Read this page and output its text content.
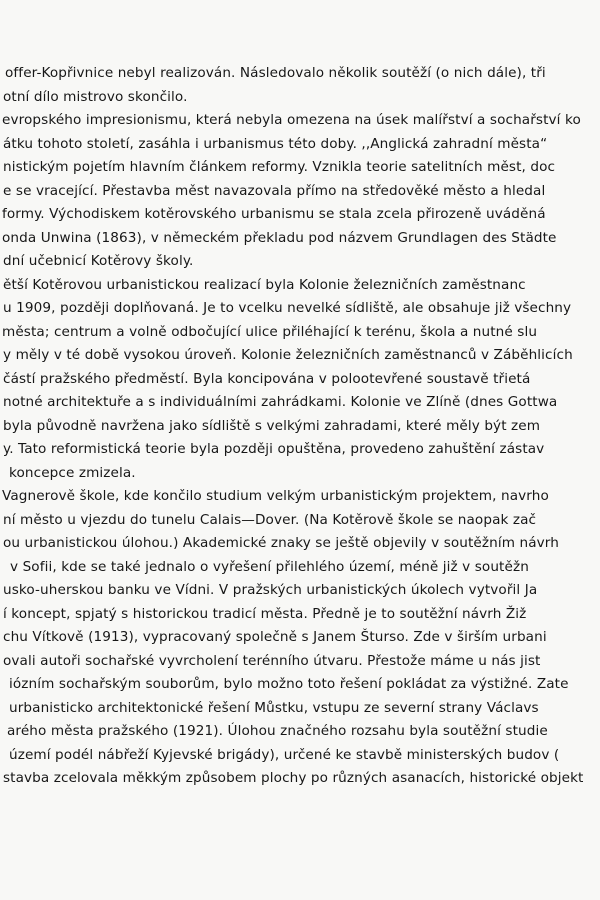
offer-Kopřivnice nebyl realizován. Následovalo několik soutěží (o nich dále), tři
otní dílo mistrovo skončilo.
evropského impresionismu, která nebyla omezena na úsek malířství a sochařství ko
átku tohoto století, zasáhla i urbanismus této doby. ,,Anglická zahradní města“
nistickým pojetím hlavním článkem reformy. Vznikla teorie satelitních měst, doc
e se vracející. Přestavba měst navazovala přímo na středověké město a hledal
formy. Východiskem kotěrovského urbanismu se stala zcela přirozeně uváděná
onda Unwina (1863), v německém překladu pod názvem Grundlagen des Städte
dní učebnicí Kotěrovy školy.
ětší Kotěrovou urbanistickou realizací byla Kolonie železničních zaměstnanc
u 1909, později doplňovaná. Je to vcelku nevelké sídliště, ale obsahuje již všechny
města; centrum a volně odbočující ulice přiléhající k terénu, škola a nutné slu
y měly v té době vysokou úroveň. Kolonie železničních zaměstnanců v Záběhlicích
částí pražského předměstí. Byla koncipována v polootevřené soustavě třietá
notné architektuře a s individuálními zahrádkami. Kolonie ve Zlíně (dnes Gottwa
byla původně navržena jako sídliště s velkými zahradami, které měly být zem
y. Tato reformistická teorie byla později opuštěna, provedeno zahuštění zástav
koncepce zmizela.
Vagnerově škole, kde končilo studium velkým urbanistickým projektem, navrho
ní město u vjezdu do tunelu Calais—Dover. (Na Kotěrově škole se naopak zač
ou urbanistickou úlohou.) Akademické znaky se ještě objevily v soutěžním návrh
v Sofii, kde se také jednalo o vyřešení přilehlého území, méně již v soutěžn
usko-uherskou banku ve Vídni. V pražských urbanistických úkolech vytvořil Ja
í koncept, spjatý s historickou tradicí města. Předně je to soutěžní návrh Žiž
chu Vítkově (1913), vypracovaný společně s Janem Šturso. Zde v širším urbani
ovali autoři sochařské vyvrcholení terénního útvaru. Přestože máme u nás jist
iózním sochařským souborům, bylo možno toto řešení pokládat za výstižné. Zate
urbanisticko architektonické řešení Můstku, vstupu ze severní strany Václavs
arého města pražského (1921). Úlohou značného rozsahu byla soutěžní studie
území podél nábřeží Kyjevské brigády), určené ke stavbě ministerských budov (
stavba zcelovala měkkým způsobem plochy po různých asanacích, historické objekt
